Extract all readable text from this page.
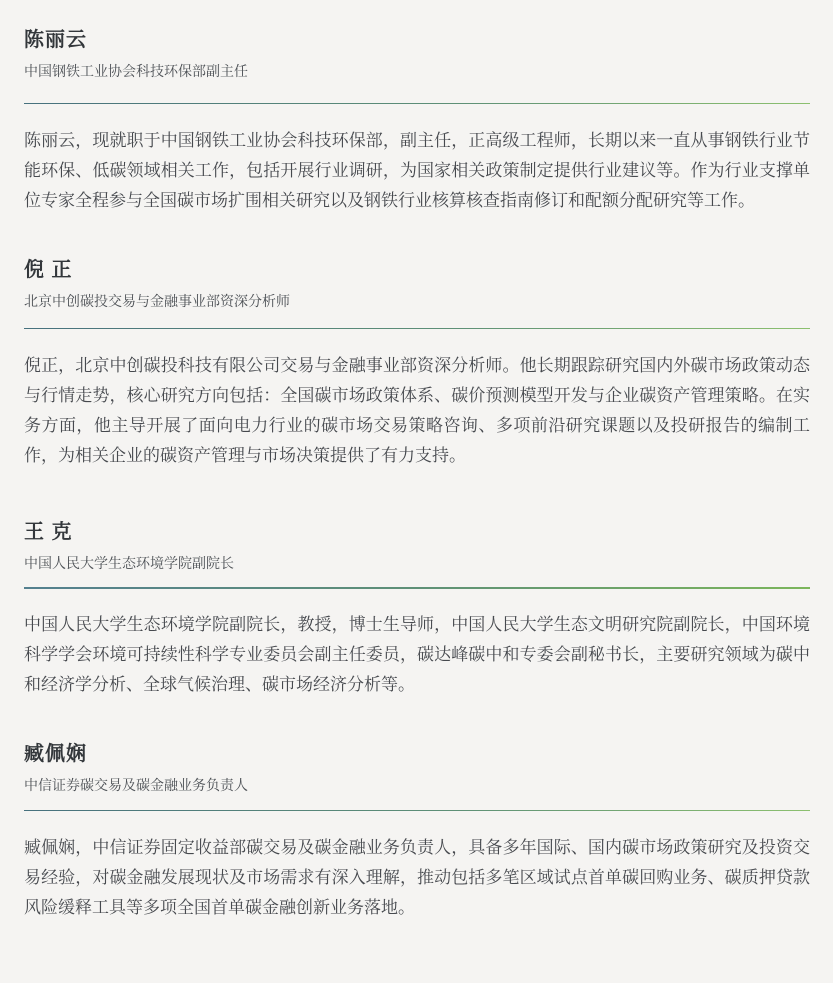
陈丽云
中国钢铁工业协会科技环保部副主任

陈丽云，现就职于中国钢铁工业协会科技环保部，副主任，正高级工程师，长期以来一直从事钢铁行业节能环保、低碳领域相关工作，包括开展行业调研，为国家相关政策制定提供行业建议等。作为行业支撑单位专家全程参与全国碳市场扩围相关研究以及钢铁行业核算核查指南修订和配额分配研究等工作。

倪 正
北京中创碳投交易与金融事业部资深分析师

倪正，北京中创碳投科技有限公司交易与金融事业部资深分析师。他长期跟踪研究国内外碳市场政策动态与行情走势，核心研究方向包括：全国碳市场政策体系、碳价预测模型开发与企业碳资产管理策略。在实务方面，他主导开展了面向电力行业的碳市场交易策略咨询、多项前沿研究课题以及投研报告的编制工作，为相关企业的碳资产管理与市场决策提供了有力支持。

王 克
中国人民大学生态环境学院副院长

中国人民大学生态环境学院副院长，教授，博士生导师，中国人民大学生态文明研究院副院长，中国环境科学学会环境可持续性科学专业委员会副主任委员，碳达峰碳中和专委会副秘书长，主要研究领域为碳中和经济学分析、全球气候治理、碳市场经济分析等。

臧佩娴
中信证券碳交易及碳金融业务负责人

臧佩娴，中信证券固定收益部碳交易及碳金融业务负责人，具备多年国际、国内碳市场政策研究及投资交易经验，对碳金融发展现状及市场需求有深入理解，推动包括多笔区域试点首单碳回购业务、碳质押贷款风险缓释工具等多项全国首单碳金融创新业务落地。
